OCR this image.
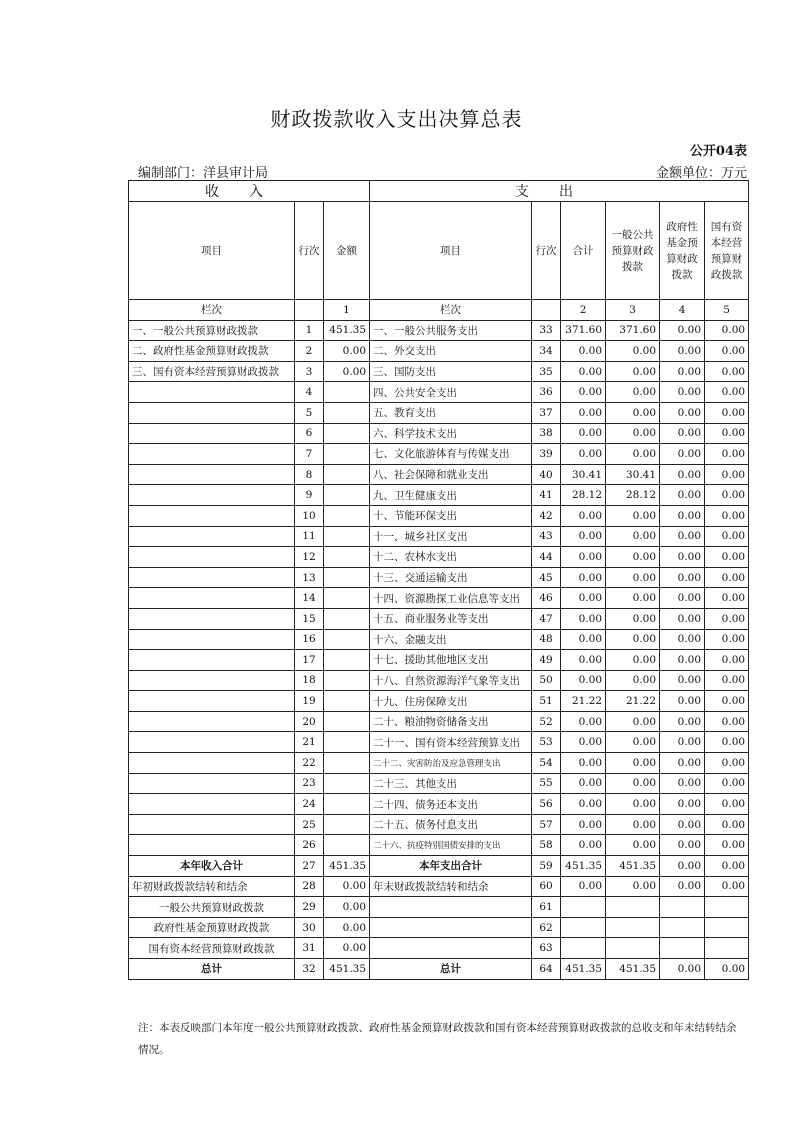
财政拨款收入支出决算总表
公开04表
编制部门：洋县审计局	金额单位：万元
收入			支出					
项目	行次	金额	项目	行次	合计	一般公共预算财政拨款	政府性基金预算财政拨款	国有资本经营预算财政拨款
栏次		1	栏次		2	3	4	5
一、一般公共预算财政拨款	1	451.35	一、一般公共服务支出	33	371.60	371.60	0.00	0.00
二、政府性基金预算财政拨款	2	0.00	二、外交支出	34	0.00	0.00	0.00	0.00
三、国有资本经营预算财政拨款	3	0.00	三、国防支出	35	0.00	0.00	0.00	0.00
	4		四、公共安全支出	36	0.00	0.00	0.00	0.00
	5		五、教育支出	37	0.00	0.00	0.00	0.00
	6		六、科学技术支出	38	0.00	0.00	0.00	0.00
	7		七、文化旅游体育与传媒支出	39	0.00	0.00	0.00	0.00
	8		八、社会保障和就业支出	40	30.41	30.41	0.00	0.00
	9		九、卫生健康支出	41	28.12	28.12	0.00	0.00
	10		十、节能环保支出	42	0.00	0.00	0.00	0.00
	11		十一、城乡社区支出	43	0.00	0.00	0.00	0.00
	12		十二、农林水支出	44	0.00	0.00	0.00	0.00
	13		十三、交通运输支出	45	0.00	0.00	0.00	0.00
	14		十四、资源勘探工业信息等支出	46	0.00	0.00	0.00	0.00
	15		十五、商业服务业等支出	47	0.00	0.00	0.00	0.00
	16		十六、金融支出	48	0.00	0.00	0.00	0.00
	17		十七、援助其他地区支出	49	0.00	0.00	0.00	0.00
	18		十八、自然资源海洋气象等支出	50	0.00	0.00	0.00	0.00
	19		十九、住房保障支出	51	21.22	21.22	0.00	0.00
	20		二十、粮油物资储备支出	52	0.00	0.00	0.00	0.00
	21		二十一、国有资本经营预算支出	53	0.00	0.00	0.00	0.00
	22		二十二、灾害防治及应急管理支出	54	0.00	0.00	0.00	0.00
	23		二十三、其他支出	55	0.00	0.00	0.00	0.00
	24		二十四、债务还本支出	56	0.00	0.00	0.00	0.00
	25		二十五、债务付息支出	57	0.00	0.00	0.00	0.00
	26		二十六、抗疫特别国债安排的支出	58	0.00	0.00	0.00	0.00
本年收入合计	27	451.35	本年支出合计	59	451.35	451.35	0.00	0.00
年初财政拨款结转和结余	28	0.00	年末财政拨款结转和结余	60	0.00	0.00	0.00	0.00
一般公共预算财政拨款	29	0.00		61				
政府性基金预算财政拨款	30	0.00		62				
国有资本经营预算财政拨款	31	0.00		63				
总计	32	451.35	总计	64	451.35	451.35	0.00	0.00
注：本表反映部门本年度一般公共预算财政拨款、政府性基金预算财政拨款和国有资本经营预算财政拨款的总收支和年末结转结余
情况。
